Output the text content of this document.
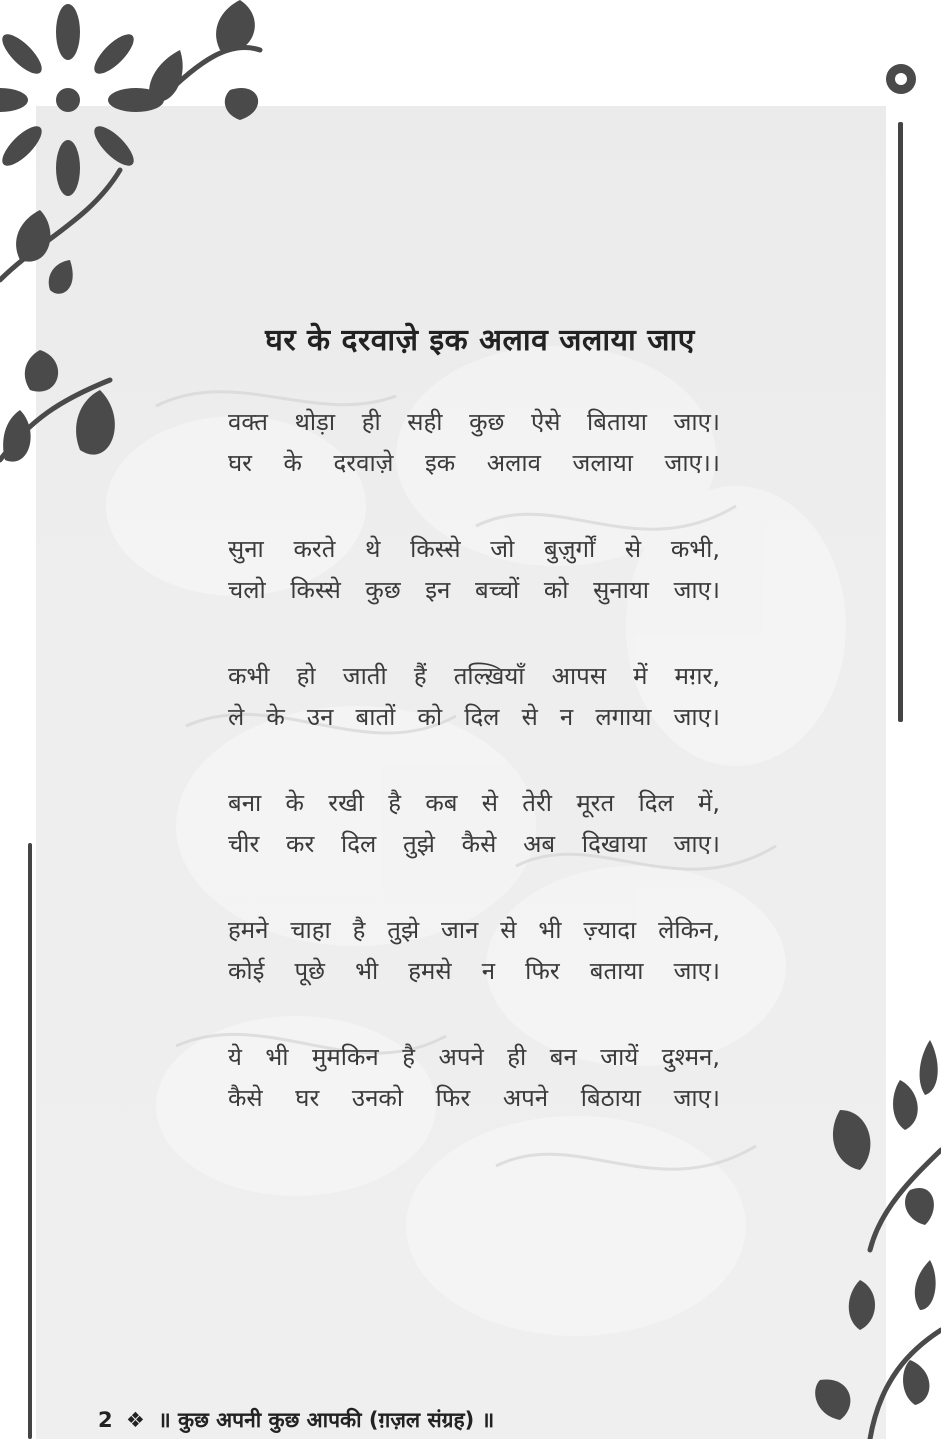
घर के दरवाज़े इक अलाव जलाया जाए
वक्त थोड़ा ही सही कुछ ऐसे बिताया जाए।
घर के दरवाज़े इक अलाव जलाया जाए।।
सुना करते थे किस्से जो बुज़ुर्गों से कभी,
चलो किस्से कुछ इन बच्चों को सुनाया जाए।
कभी हो जाती हैं तल्ख़ियाँ आपस में मग़र,
ले के उन बातों को दिल से न लगाया जाए।
बना के रखी है कब से तेरी मूरत दिल में,
चीर कर दिल तुझे कैसे अब दिखाया जाए।
हमने चाहा है तुझे जान से भी ज़्यादा लेकिन,
कोई पूछे भी हमसे न फिर बताया जाए।
ये भी मुमकिन है अपने ही बन जायें दुश्मन,
कैसे घर उनको फिर अपने बिठाया जाए।
2 ❖ ॥ कुछ अपनी कुछ आपकी (ग़ज़ल संग्रह) ॥
